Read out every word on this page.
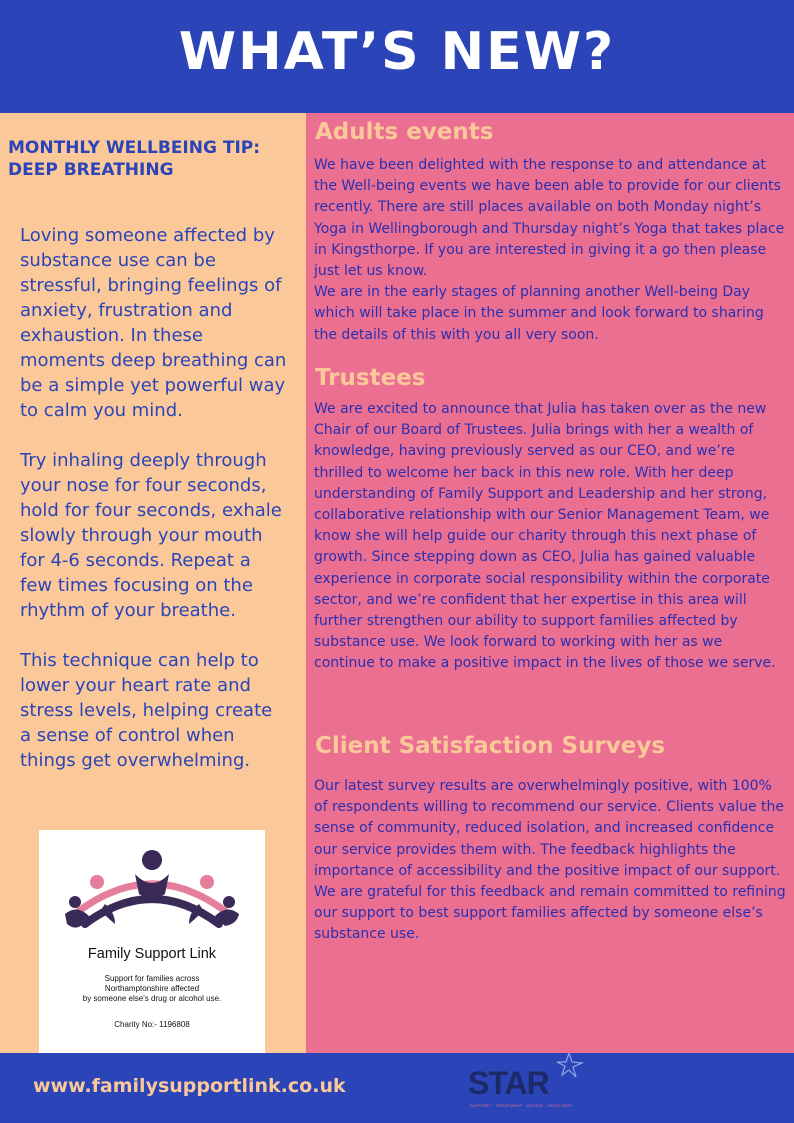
WHAT’S NEW?
MONTHLY WELLBEING TIP: DEEP BREATHING

Loving someone affected by substance use can be stressful, bringing feelings of anxiety, frustration and exhaustion. In these moments deep breathing can be a simple yet powerful way to calm you mind.

Try inhaling deeply through your nose for four seconds, hold for four seconds, exhale slowly through your mouth for 4-6 seconds. Repeat a few times focusing on the rhythm of your breathe.

This technique can help to lower your heart rate and stress levels, helping create a sense of control when things get overwhelming.

Family Support Link
Support for families across
Northamptonshire affected
by someone else's drug or alcohol use.
Charity No:- 1196808
Adults events
We have been delighted with the response to and attendance at the Well-being events we have been able to provide for our clients recently. There are still places available on both Monday night’s Yoga in Wellingborough and Thursday night’s Yoga that takes place in Kingsthorpe. If you are interested in giving it a go then please just let us know.
We are in the early stages of planning another Well-being Day which will take place in the summer and look forward to sharing the details of this with you all very soon.
Trustees
We are excited to announce that Julia has taken over as the new Chair of our Board of Trustees. Julia brings with her a wealth of knowledge, having previously served as our CEO, and we’re thrilled to welcome her back in this new role. With her deep understanding of Family Support and Leadership and her strong, collaborative relationship with our Senior Management Team, we know she will help guide our charity through this next phase of growth. Since stepping down as CEO, Julia has gained valuable experience in corporate social responsibility within the corporate sector, and we’re confident that her expertise in this area will further strengthen our ability to support families affected by substance use. We look forward to working with her as we continue to make a positive impact in the lives of those we serve.
Client Satisfaction Surveys
Our latest survey results are overwhelmingly positive, with 100% of respondents willing to recommend our service. Clients value the sense of community, reduced isolation, and increased confidence our service provides them with. The feedback highlights the importance of accessibility and the positive impact of our support. We are grateful for this feedback and remain committed to refining our support to best support families affected by someone else’s substance use.
www.familysupportlink.co.uk	STAR
SUPPORT · TREATMENT · ADVICE · RECOVERY
